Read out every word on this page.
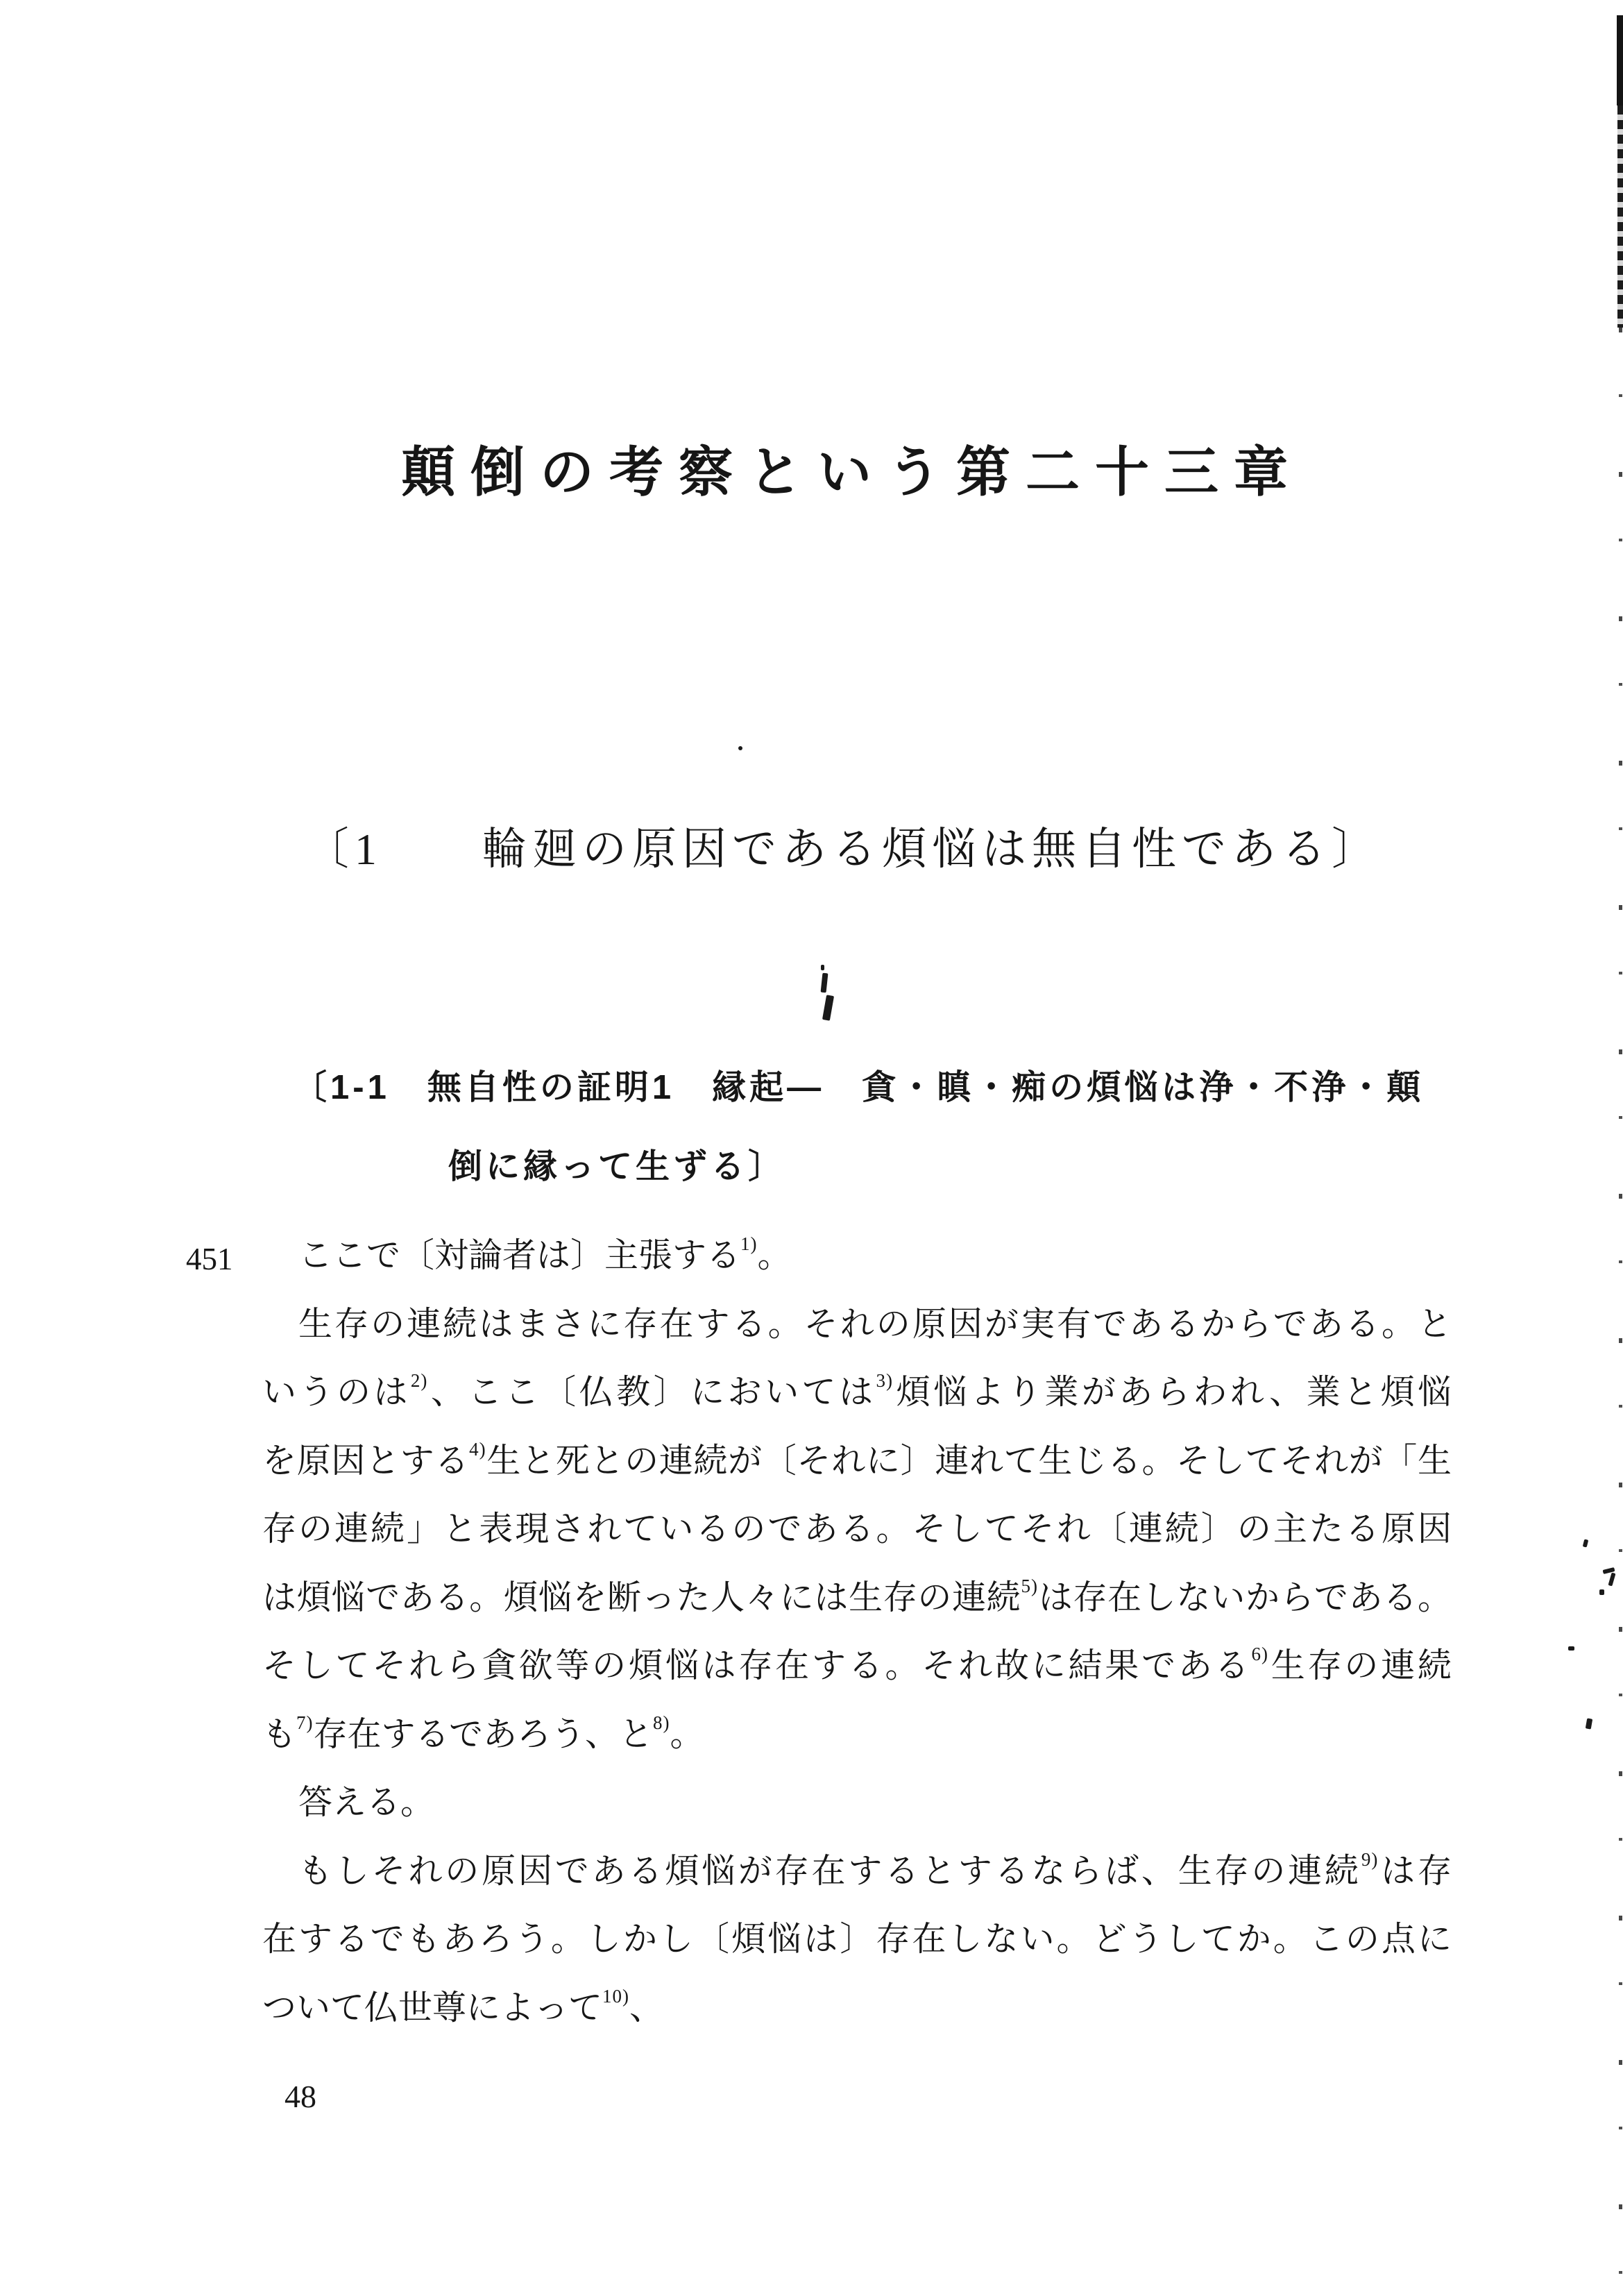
顛倒の考察という第二十三章
〔1　　輪廻の原因である煩悩は無自性である〕
〔1-1　無自性の証明1　縁起—　貪・瞋・痴の煩悩は浄・不浄・顛
倒に縁って生ずる〕
451	ここで〔対論者は〕主張する$^{1)}$。
生存の連続はまさに存在する。それの原因が実有であるからである。と
いうのは$^{2)}$、ここ〔仏教〕においては$^{3)}$煩悩より業があらわれ、業と煩悩
を原因とする$^{4)}$生と死との連続が〔それに〕連れて生じる。そしてそれが「生
存の連続」と表現されているのである。そしてそれ〔連続〕の主たる原因
は煩悩である。煩悩を断った人々には生存の連続$^{5)}$は存在しないからである。
そしてそれら貪欲等の煩悩は存在する。それ故に結果である$^{6)}$生存の連続
も$^{7)}$存在するであろう、と$^{8)}$。
答える。
もしそれの原因である煩悩が存在するとするならば、生存の連続$^{9)}$は存
在するでもあろう。しかし〔煩悩は〕存在しない。どうしてか。この点に
ついて仏世尊によって$^{10)}$、
48
